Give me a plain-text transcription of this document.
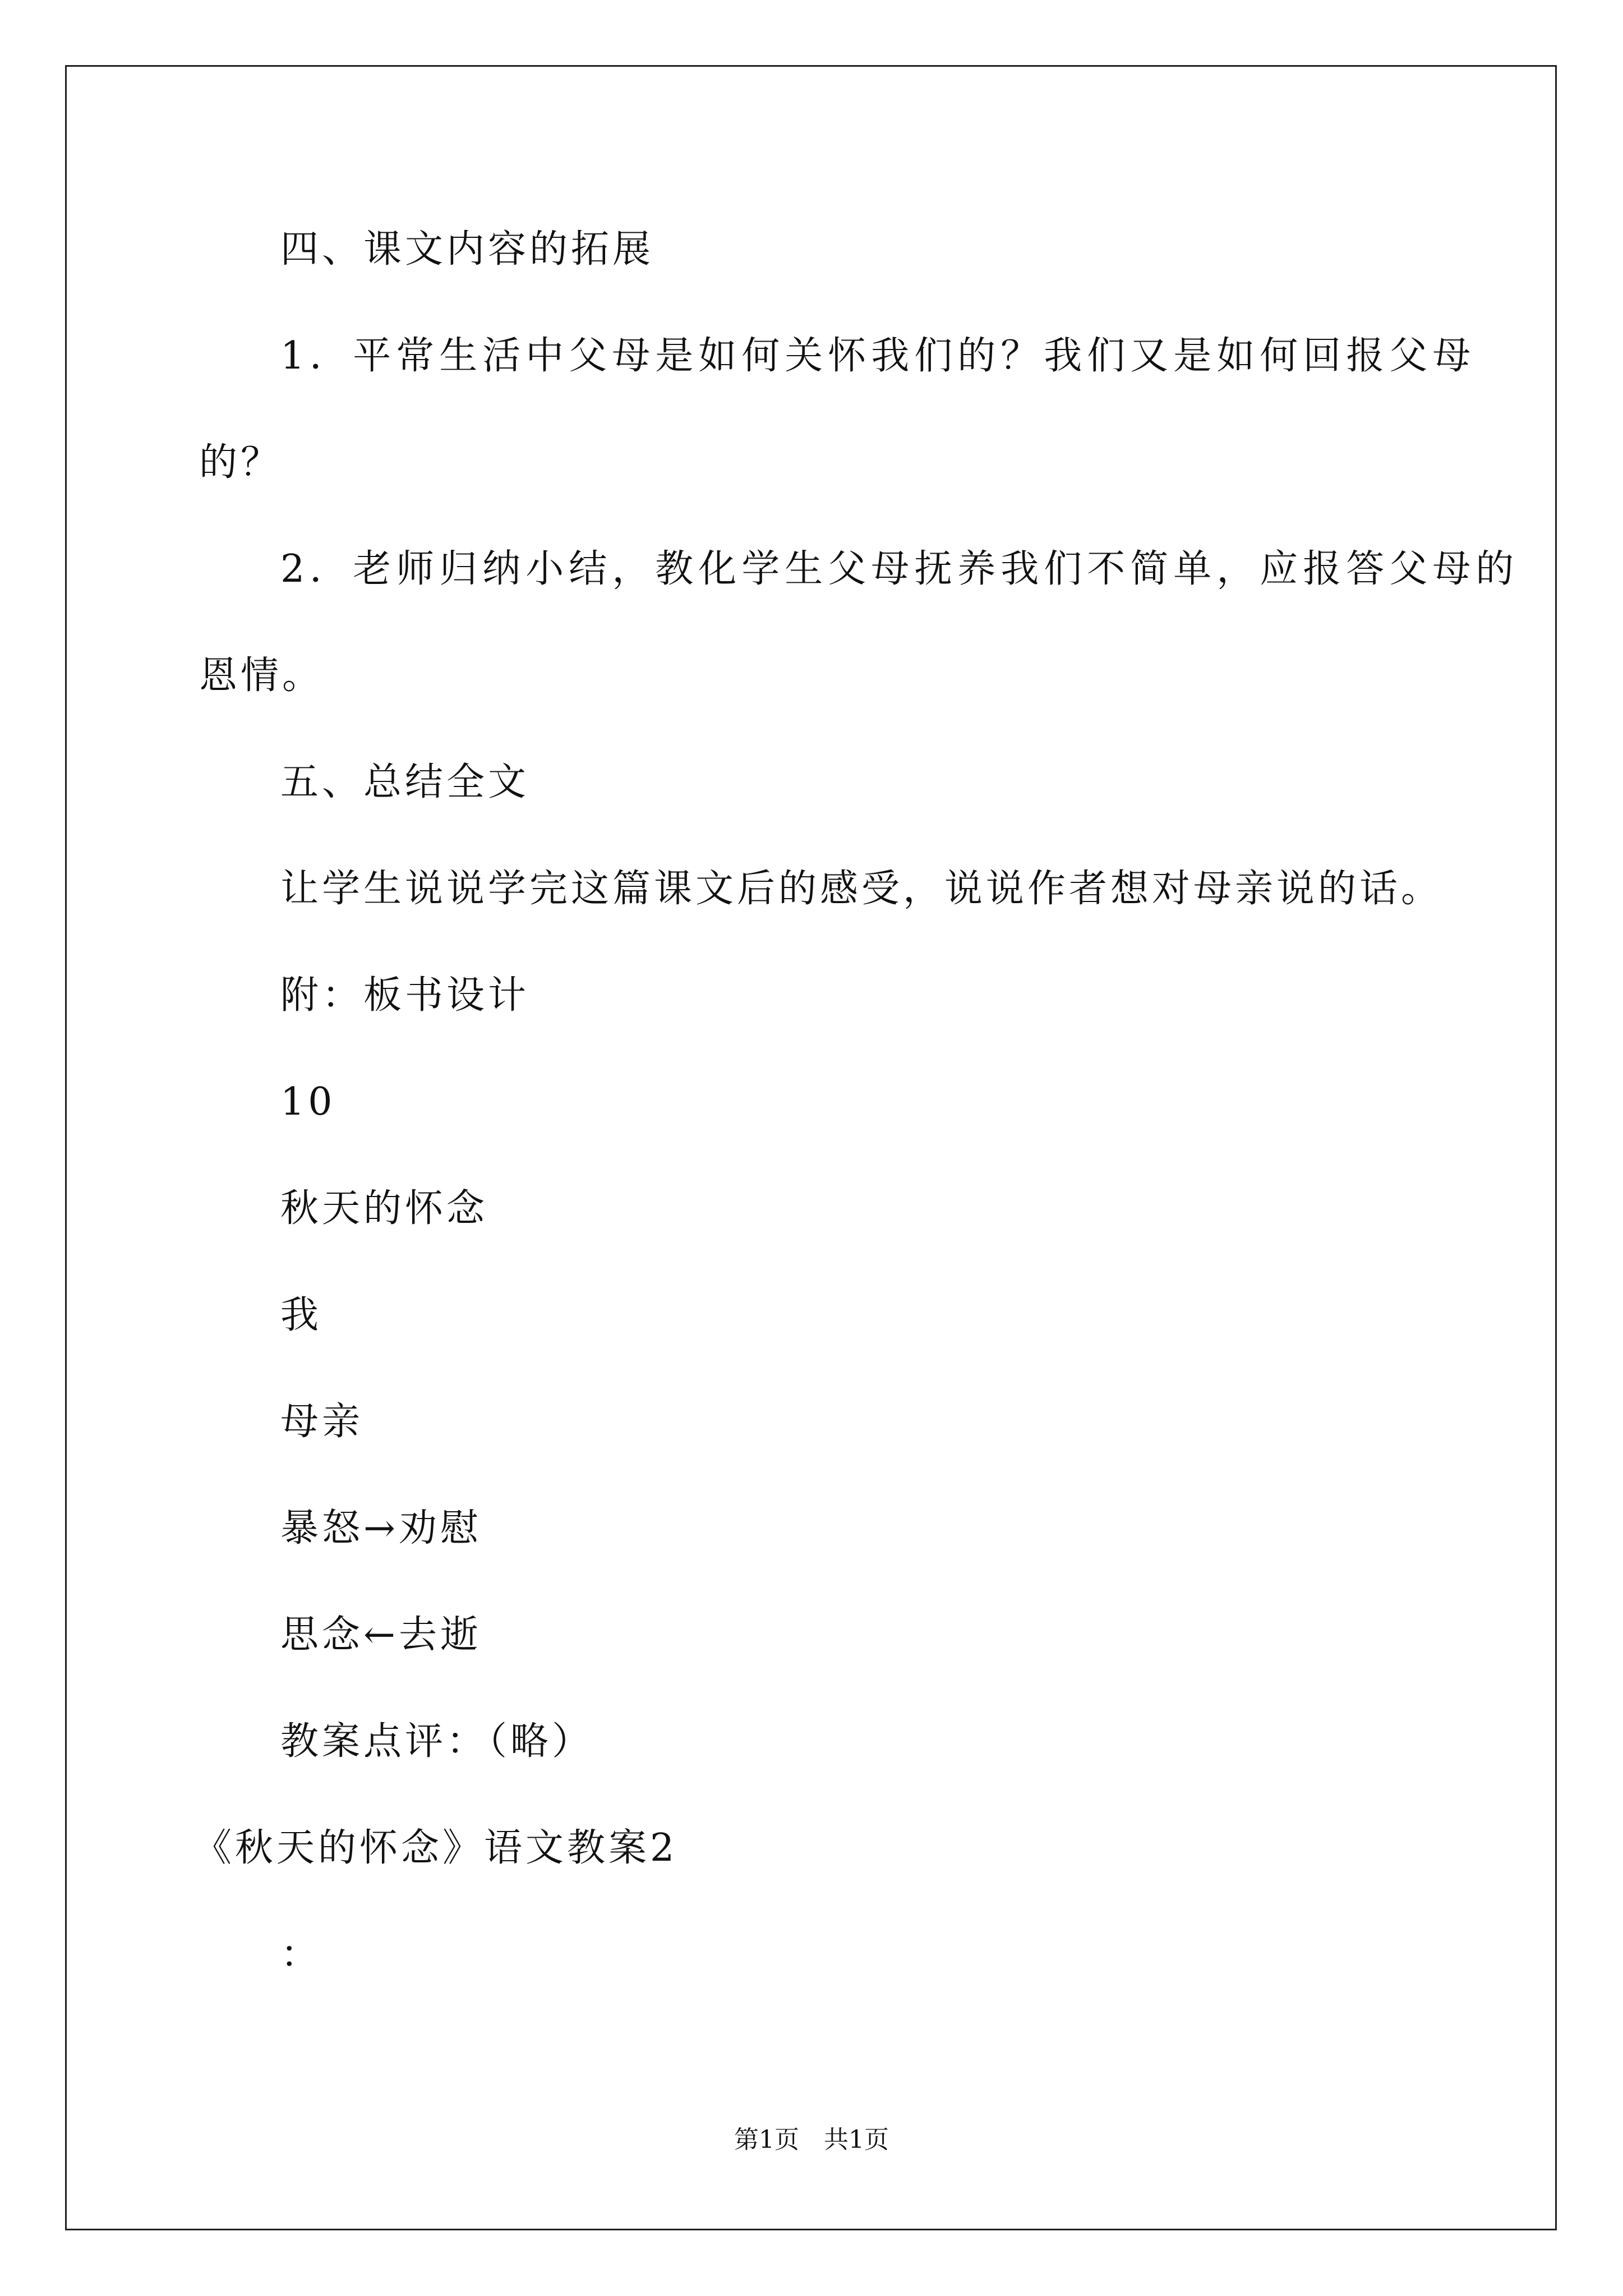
四、课文内容的拓展
1．平常生活中父母是如何关怀我们的？我们又是如何回报父母
的？
2．老师归纳小结，教化学生父母抚养我们不简单，应报答父母的
恩情。
五、总结全文
让学生说说学完这篇课文后的感受，说说作者想对母亲说的话。
附：板书设计
10
秋天的怀念
我
母亲
暴怒→劝慰
思念←去逝
教案点评：（略）
《秋天的怀念》语文教案2
：
第1页　共1页
